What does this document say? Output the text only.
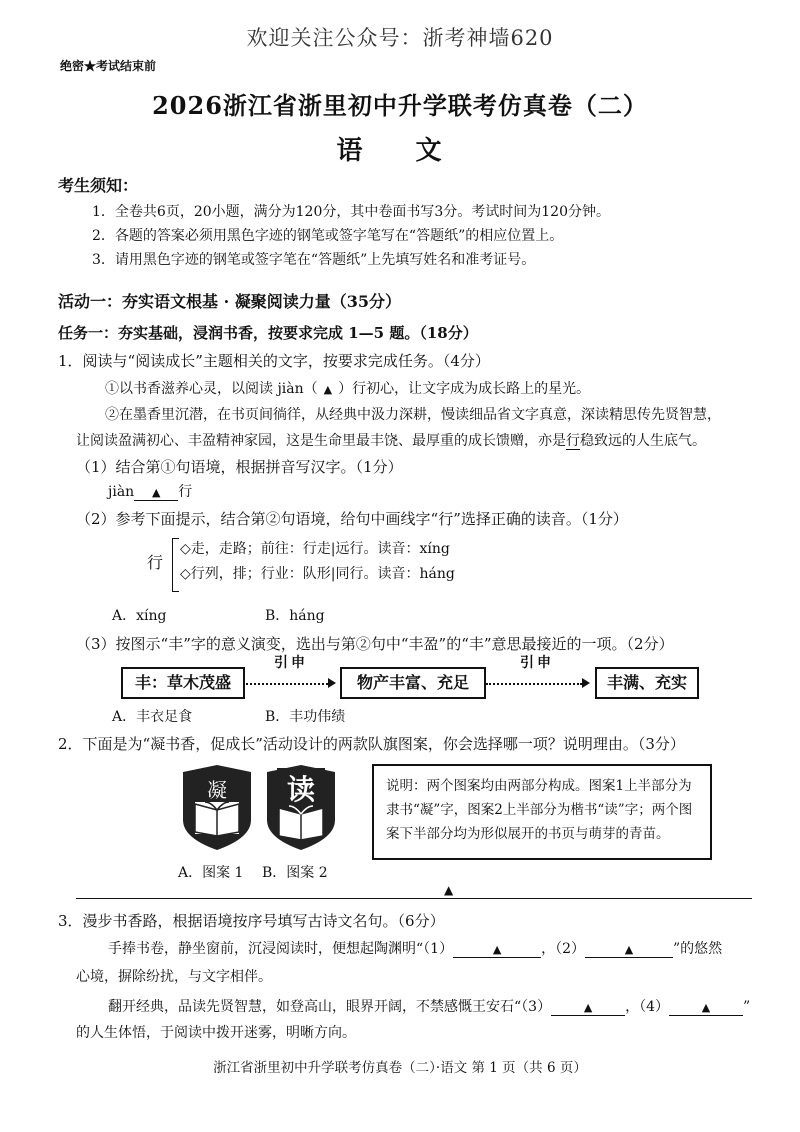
欢迎关注公众号：浙考神墙620
绝密★考试结束前
2026浙江省浙里初中升学联考仿真卷（二）
语 文
考生须知：
1．全卷共6页，20小题，满分为120分，其中卷面书写3分。考试时间为120分钟。
2．各题的答案必须用黑色字迹的钢笔或签字笔写在“答题纸”的相应位置上。
3．请用黑色字迹的钢笔或签字笔在“答题纸”上先填写姓名和准考证号。
活动一：夯实语文根基 · 凝聚阅读力量（35分）
任务一：夯实基础，浸润书香，按要求完成 1—5 题。（18分）
1．阅读与“阅读成长”主题相关的文字，按要求完成任务。（4分）
①以书香滋养心灵，以阅读 jiàn（ ▲ ）行初心，让文字成为成长路上的星光。
②在墨香里沉潜，在书页间徜徉，从经典中汲力深耕，慢读细品省文字真意，深读精思传先贤智慧，
让阅读盈满初心、丰盈精神家园，这是生命里最丰饶、最厚重的成长馈赠，亦是行稳致远的人生底气。
（1）结合第①句语境，根据拼音写汉字。（1分）
jiàn ▲ 行
（2）参考下面提示，结合第②句语境，给句中画线字“行”选择正确的读音。（1分）
行
◇走，走路；前往：行走|远行。读音：xíng
◇行列，排；行业：队形|同行。读音：háng
A．xíng	B．háng
（3）按图示“丰”字的意义演变，选出与第②句中“丰盈”的“丰”意思最接近的一项。（2分）
丰：草木茂盛
引申
物产丰富、充足
引申
丰满、充实
A．丰衣足食	B．丰功伟绩
2．下面是为“凝书香，促成长”活动设计的两款队旗图案，你会选择哪一项？说明理由。（3分）
凝	读
A．图案 1 B．图案 2
说明：两个图案均由两部分构成。图案1上半部分为隶书“凝”字，图案2上半部分为楷书“读”字；两个图案下半部分均为形似展开的书页与萌芽的青苗。
▲
3．漫步书香路，根据语境按序号填写古诗文名句。（6分）
手捧书卷，静坐窗前，沉浸阅读时，便想起陶渊明“（1）	▲	，（2）	▲	”的悠然
心境，摒除纷扰，与文字相伴。
翻开经典，品读先贤智慧，如登高山，眼界开阔，不禁感慨王安石“（3）	▲ ，（4）	▲ ”
的人生体悟，于阅读中拨开迷雾，明晰方向。
浙江省浙里初中升学联考仿真卷（二）·语文 第 1 页（共 6 页）
